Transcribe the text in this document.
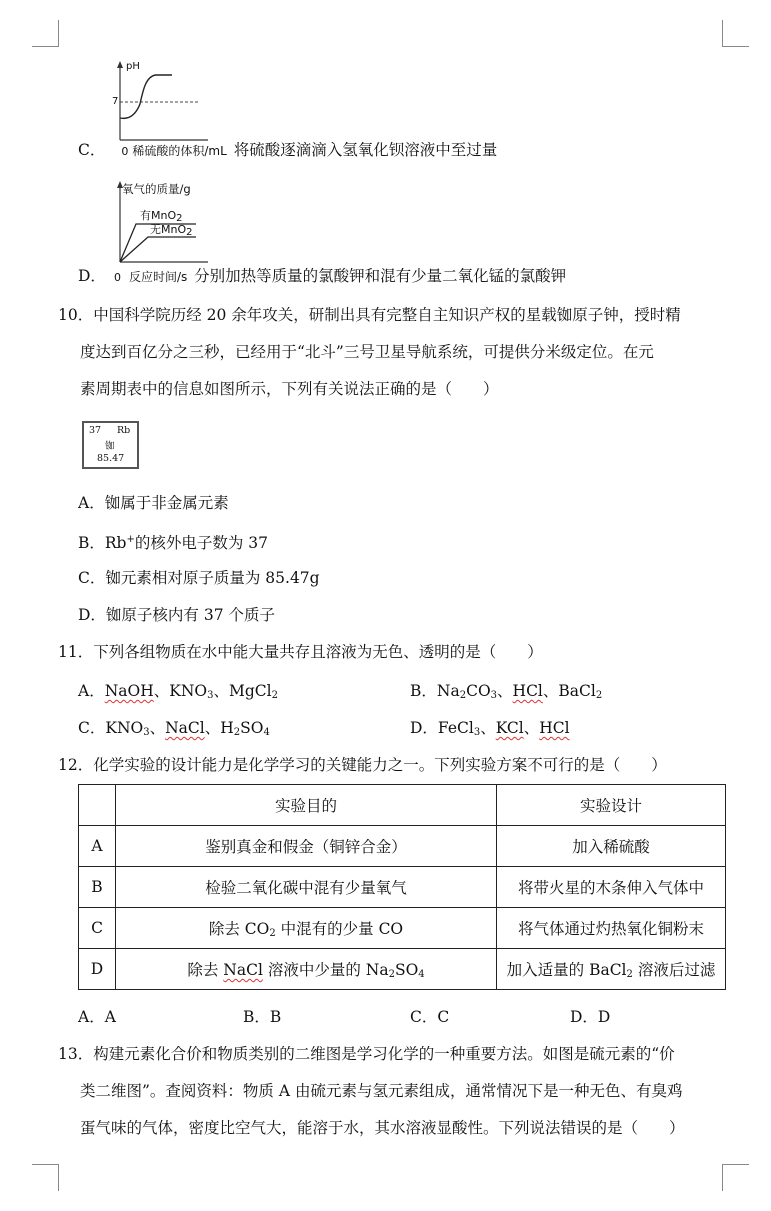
pH
7
C． 0 稀硫酸的体积/mL 将硫酸逐滴滴入氢氧化钡溶液中至过量
氧气的质量/g
有MnO$_2$
无MnO$_2$
D． 0 反应时间/s 分别加热等质量的氯酸钾和混有少量二氧化锰的氯酸钾
10．中国科学院历经 20 余年攻关，研制出具有完整自主知识产权的星载铷原子钟，授时精
度达到百亿分之三秒，已经用于“北斗”三号卫星导航系统，可提供分米级定位。在元
素周期表中的信息如图所示，下列有关说法正确的是（　　）
37 Rb
铷
85.47
A．铷属于非金属元素
B．Rb+的核外电子数为 37
C．铷元素相对原子质量为 85.47g
D．铷原子核内有 37 个质子
11．下列各组物质在水中能大量共存且溶液为无色、透明的是（　　）
A．NaOH、$KNO_3$、MgCl$_2$	B．$Na_2CO_3$、HCl、BaCl$_2$
C．$KNO_3$、NaCl、$H_2SO_4$	D．FeCl$_3$、KCl、HCl
12．化学实验的设计能力是化学学习的关键能力之一。下列实验方案不可行的是（　　）
	实验目的	实验设计
A	鉴别真金和假金（铜锌合金）	加入稀硫酸
B	检验二氧化碳中混有少量氧气	将带火星的木条伸入气体中
C	除去 $CO_2$ 中混有的少量 CO	将气体通过灼热氧化铜粉末
D	除去 NaCl 溶液中少量的 $Na_2SO_4$	加入适量的 BaCl$_2$ 溶液后过滤
A．A	B．B	C．C	D．D
13．构建元素化合价和物质类别的二维图是学习化学的一种重要方法。如图是硫元素的“价
类二维图”。查阅资料：物质 A 由硫元素与氢元素组成，通常情况下是一种无色、有臭鸡
蛋气味的气体，密度比空气大，能溶于水，其水溶液显酸性。下列说法错误的是（　　）
